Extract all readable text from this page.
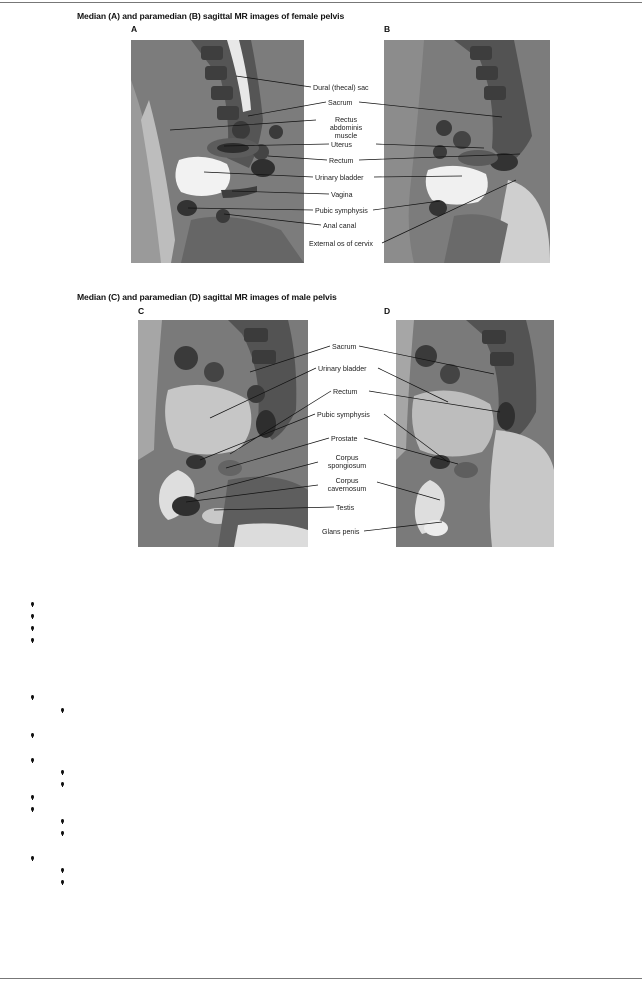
Median (A) and paramedian (B) sagittal MR images of female pelvis
A	B
Dural (thecal) sac
Sacrum
Rectus abdominis muscle
Uterus
Rectum
Urinary bladder
Vagina
Pubic symphysis
Anal canal
External os of cervix
Median (C) and paramedian (D) sagittal MR images of male pelvis
C	D
Sacrum
Urinary bladder
Rectum
Pubic symphysis
Prostate
Corpus spongiosum
Corpus cavernosum
Testis
Glans penis
